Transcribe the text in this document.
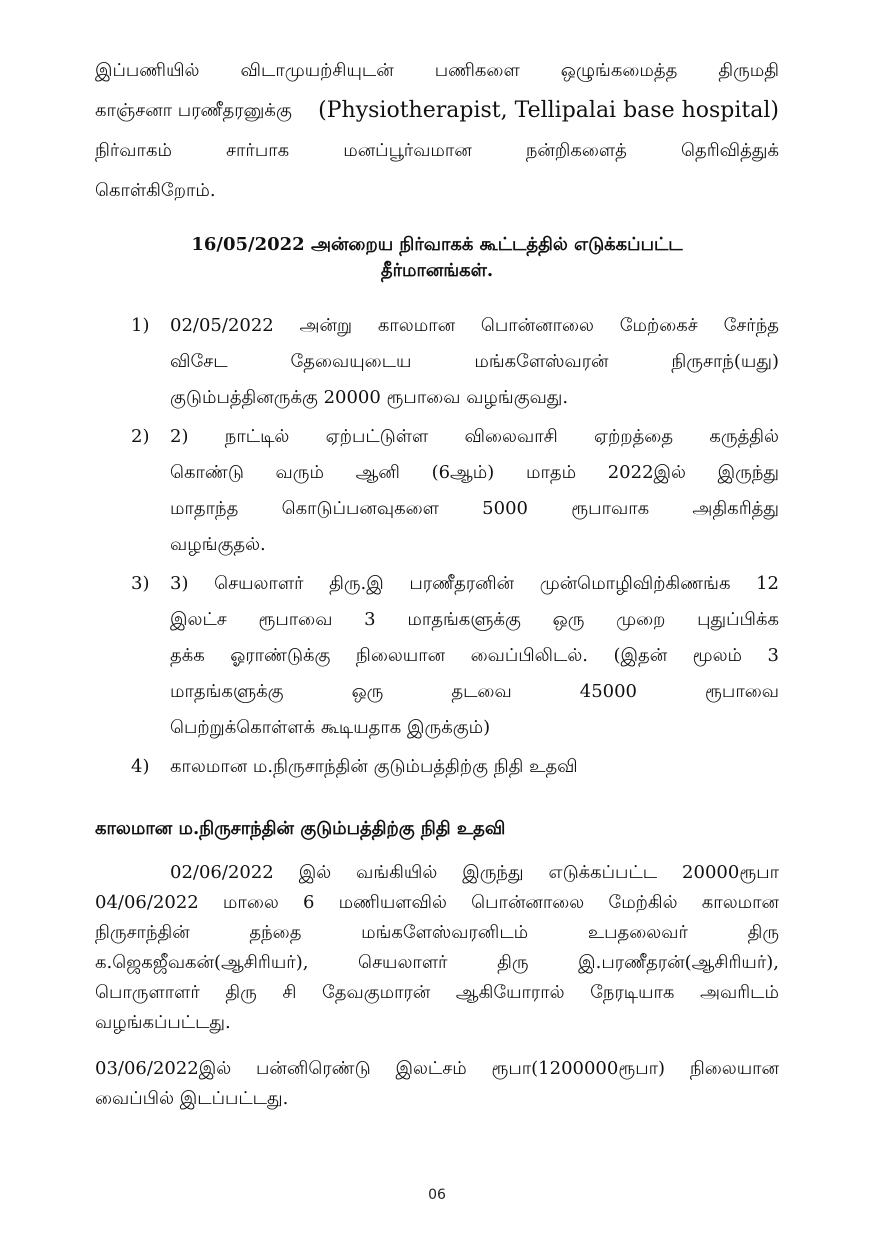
இப்பணியில் விடாமுயற்சியுடன் பணிகளை ஒழுங்கமைத்த திருமதி
காஞ்சனா பரணீதரனுக்கு (Physiotherapist, Tellipalai base hospital)
நிர்வாகம் சார்பாக மனப்பூர்வமான நன்றிகளைத் தெரிவித்துக்
கொள்கிறோம்.
16/05/2022 அன்றைய நிர்வாகக் கூட்டத்தில் எடுக்கப்பட்ட
தீர்மானங்கள்.
1) 02/05/2022 அன்று காலமான பொன்னாலை மேற்கைச் சேர்ந்த
விசேட தேவையுடைய மங்களேஸ்வரன் நிருசாந்(யது)
குடும்பத்தினருக்கு 20000 ரூபாவை வழங்குவது.
2) 2) நாட்டில் ஏற்பட்டுள்ள விலைவாசி ஏற்றத்தை கருத்தில்
கொண்டு வரும் ஆனி (6ஆம்) மாதம் 2022இல் இருந்து
மாதாந்த கொடுப்பனவுகளை 5000 ரூபாவாக அதிகரித்து
வழங்குதல்.
3) 3) செயலாளர் திரு.இ பரணீதரனின் முன்மொழிவிற்கிணங்க 12
இலட்ச ரூபாவை 3 மாதங்களுக்கு ஒரு முறை புதுப்பிக்க
தக்க ஓராண்டுக்கு நிலையான வைப்பிலிடல். (இதன் மூலம் 3
மாதங்களுக்கு ஒரு தடவை 45000 ரூபாவை
பெற்றுக்கொள்ளக் கூடியதாக இருக்கும்)
4) காலமான ம.நிருசாந்தின் குடும்பத்திற்கு நிதி உதவி
காலமான ம.நிருசாந்தின் குடும்பத்திற்கு நிதி உதவி
02/06/2022 இல் வங்கியில் இருந்து எடுக்கப்பட்ட 20000ரூபா
04/06/2022 மாலை 6 மணியளவில் பொன்னாலை மேற்கில் காலமான
நிருசாந்தின் தந்தை மங்களேஸ்வரனிடம் உபதலைவர் திரு
க.ஜெகஜீவகன்(ஆசிரியர்), செயலாளர் திரு இ.பரணீதரன்(ஆசிரியர்),
பொருளாளர் திரு சி தேவகுமாரன் ஆகியோரால் நேரடியாக அவரிடம்
வழங்கப்பட்டது.
03/06/2022இல் பன்னிரெண்டு இலட்சம் ரூபா(1200000ரூபா) நிலையான
வைப்பில் இடப்பட்டது.
06
